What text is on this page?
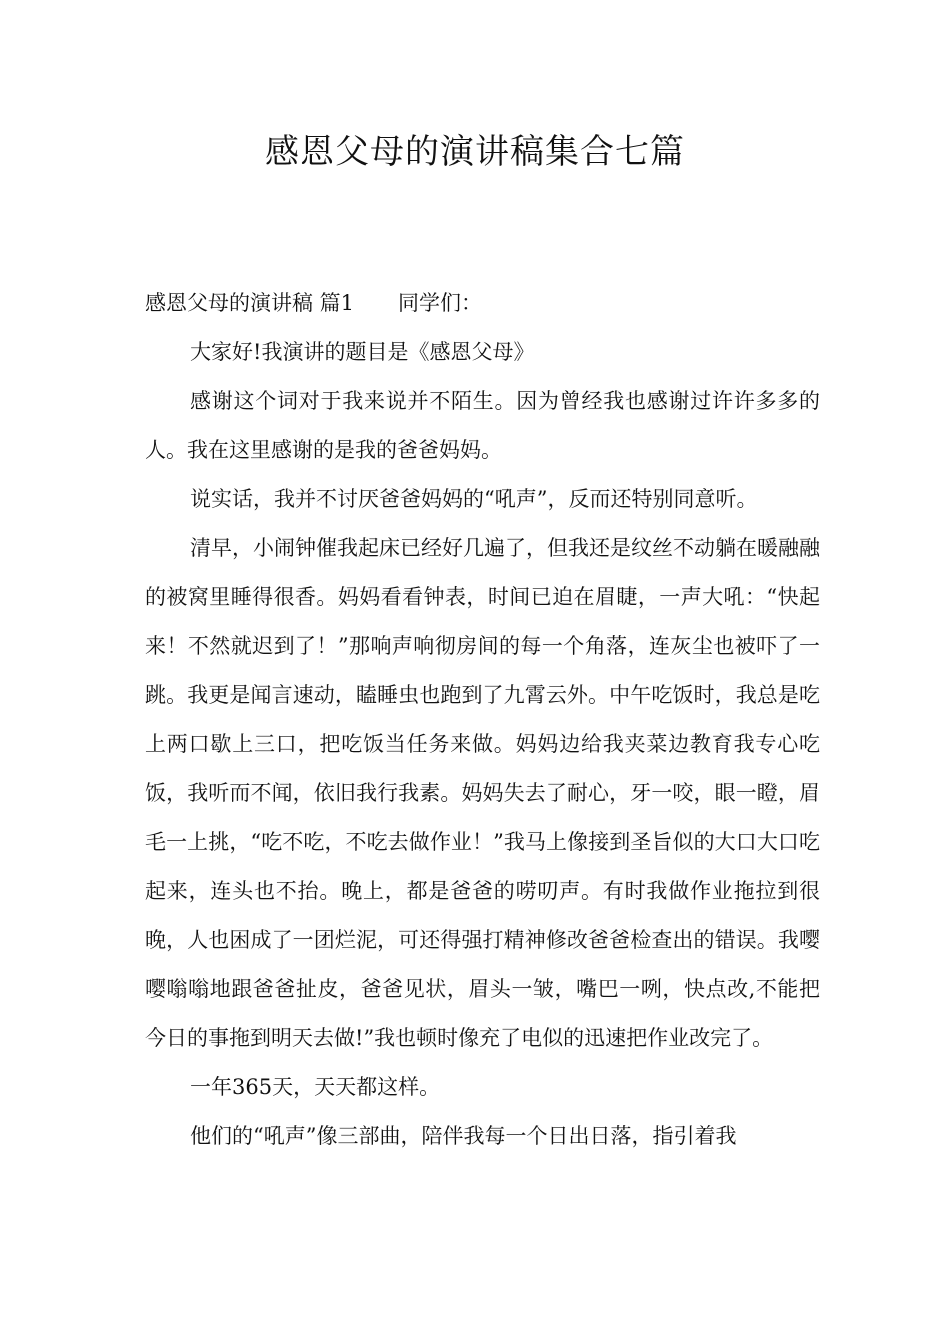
感恩父母的演讲稿集合七篇

感恩父母的演讲稿 篇1 同学们：

大家好!我演讲的题目是《感恩父母》

感谢这个词对于我来说并不陌生。因为曾经我也感谢过许许多多的人。我在这里感谢的是我的爸爸妈妈。

说实话，我并不讨厌爸爸妈妈的“吼声”，反而还特别同意听。

清早，小闹钟催我起床已经好几遍了，但我还是纹丝不动躺在暖融融的被窝里睡得很香。妈妈看看钟表，时间已迫在眉睫，一声大吼：“快起来！不然就迟到了！”那响声响彻房间的每一个角落，连灰尘也被吓了一跳。我更是闻言速动，瞌睡虫也跑到了九霄云外。中午吃饭时，我总是吃上两口歇上三口，把吃饭当任务来做。妈妈边给我夹菜边教育我专心吃饭，我听而不闻，依旧我行我素。妈妈失去了耐心，牙一咬，眼一瞪，眉毛一上挑，“吃不吃，不吃去做作业！”我马上像接到圣旨似的大口大口吃起来，连头也不抬。晚上，都是爸爸的唠叨声。有时我做作业拖拉到很晚，人也困成了一团烂泥，可还得强打精神修改爸爸检查出的错误。我嘤嘤嗡嗡地跟爸爸扯皮，爸爸见状，眉头一皱，嘴巴一咧，快点改,不能把今日的事拖到明天去做!”我也顿时像充了电似的迅速把作业改完了。

一年365天，天天都这样。

他们的“吼声”像三部曲，陪伴我每一个日出日落，指引着我
